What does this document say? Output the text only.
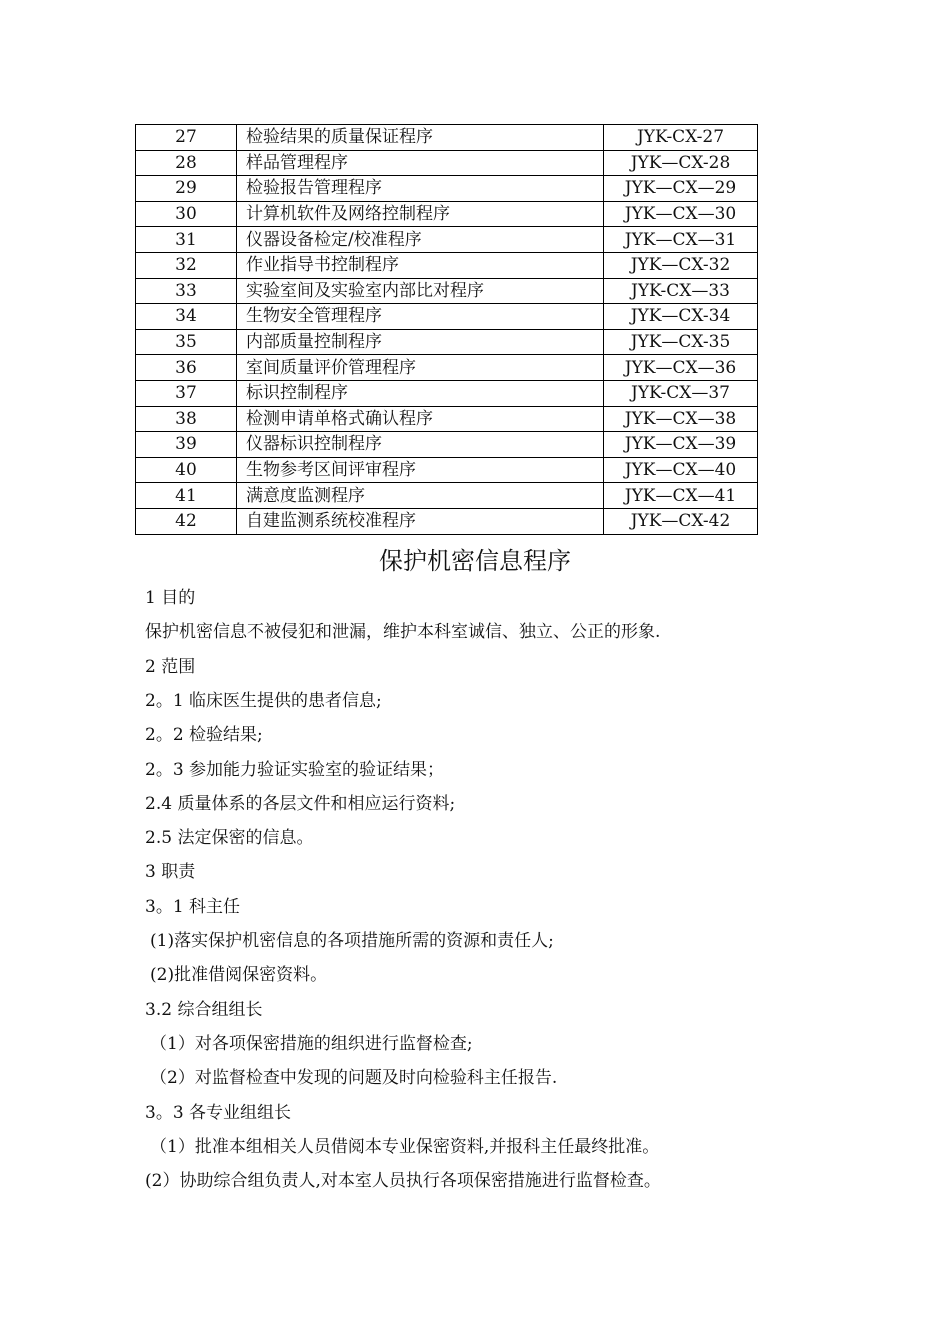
27	检验结果的质量保证程序	JYK-CX-27
28	样品管理程序	JYK—CX-28
29	检验报告管理程序	JYK—CX—29
30	计算机软件及网络控制程序	JYK—CX—30
31	仪器设备检定/校准程序	JYK—CX—31
32	作业指导书控制程序	JYK—CX-32
33	实验室间及实验室内部比对程序	JYK-CX—33
34	生物安全管理程序	JYK—CX-34
35	内部质量控制程序	JYK—CX-35
36	室间质量评价管理程序	JYK—CX—36
37	标识控制程序	JYK-CX—37
38	检测申请单格式确认程序	JYK—CX—38
39	仪器标识控制程序	JYK—CX—39
40	生物参考区间评审程序	JYK—CX—40
41	满意度监测程序	JYK—CX—41
42	自建监测系统校准程序	JYK—CX-42
保护机密信息程序
1 目的
保护机密信息不被侵犯和泄漏，维护本科室诚信、独立、公正的形象.
2 范围
2。1 临床医生提供的患者信息;
2。2 检验结果;
2。3 参加能力验证实验室的验证结果；
2.4 质量体系的各层文件和相应运行资料;
2.5 法定保密的信息。
3 职责
3。1 科主任
(1)落实保护机密信息的各项措施所需的资源和责任人;
(2)批准借阅保密资料。
3.2 综合组组长
（1）对各项保密措施的组织进行监督检查;
（2）对监督检查中发现的问题及时向检验科主任报告.
3。3 各专业组组长
（1）批准本组相关人员借阅本专业保密资料,并报科主任最终批准。
(2）协助综合组负责人,对本室人员执行各项保密措施进行监督检查。
